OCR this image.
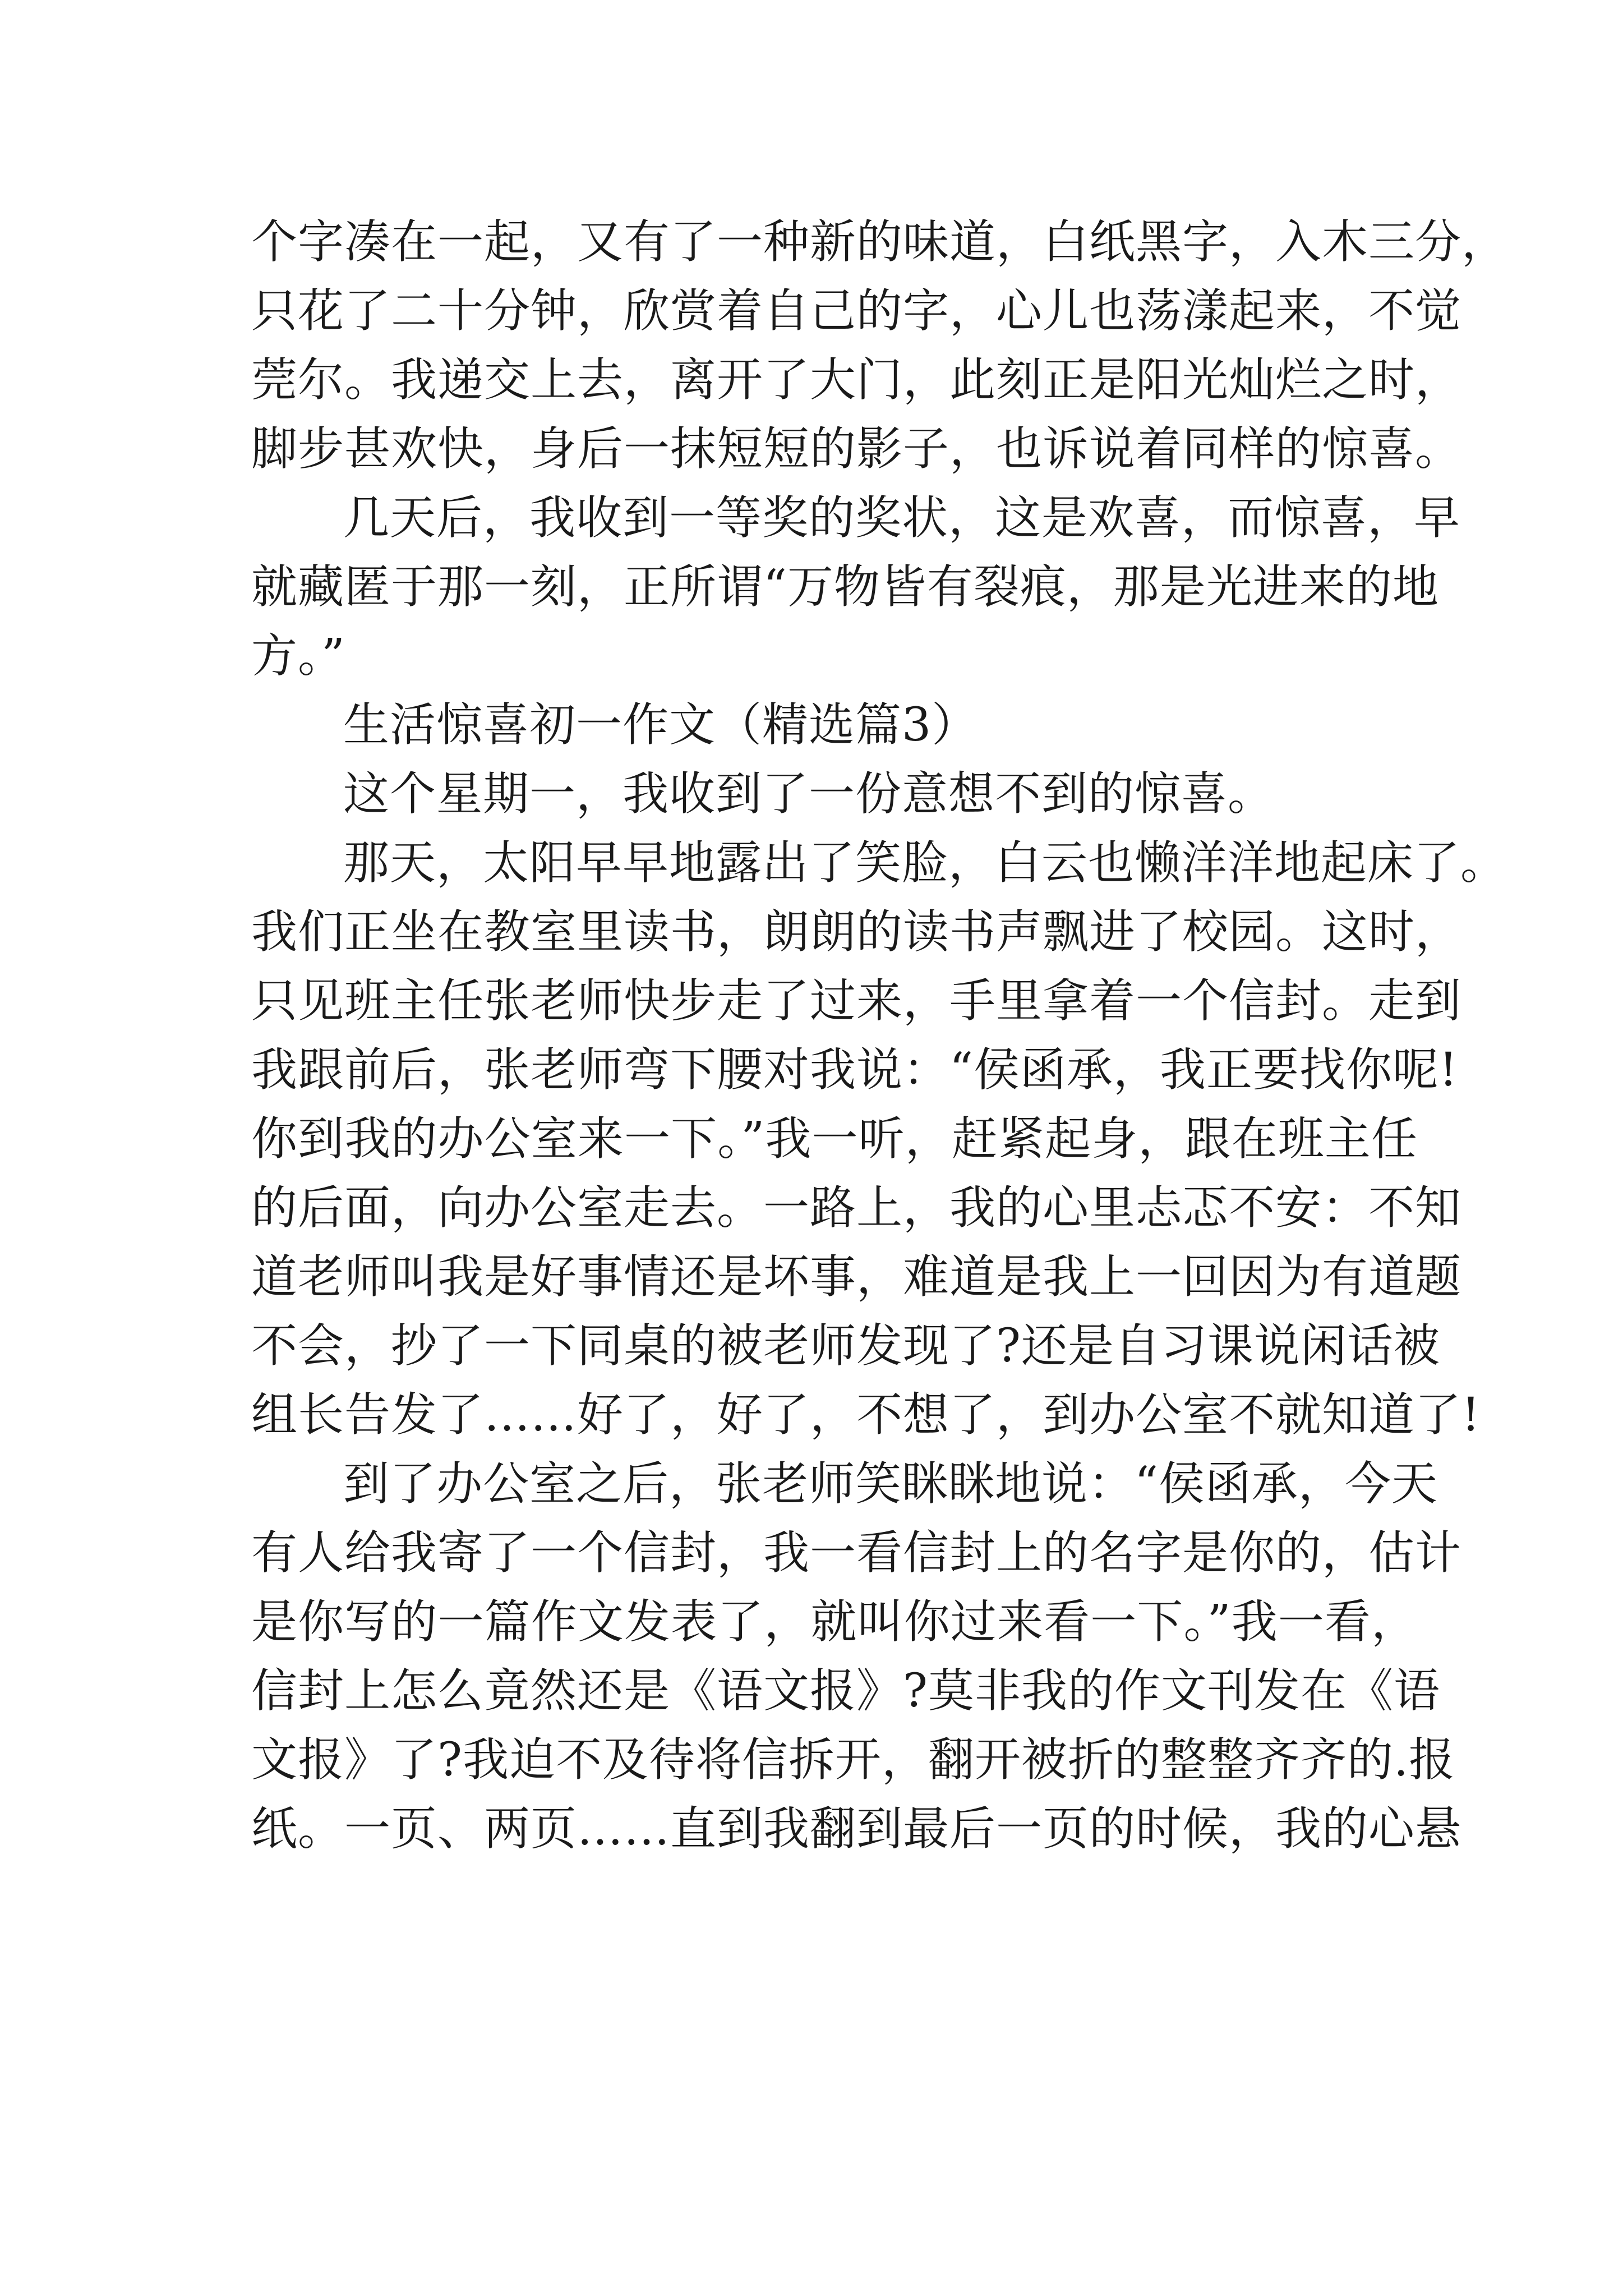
个字凑在一起，又有了一种新的味道，白纸黑字，入木三分，
只花了二十分钟，欣赏着自己的字，心儿也荡漾起来，不觉
莞尔。我递交上去，离开了大门，此刻正是阳光灿烂之时，
脚步甚欢快，身后一抹短短的影子，也诉说着同样的惊喜。
几天后，我收到一等奖的奖状，这是欢喜，而惊喜，早
就藏匿于那一刻，正所谓“万物皆有裂痕，那是光进来的地
方。”
生活惊喜初一作文（精选篇3）
这个星期一，我收到了一份意想不到的惊喜。
那天，太阳早早地露出了笑脸，白云也懒洋洋地起床了。
我们正坐在教室里读书，朗朗的读书声飘进了校园。这时，
只见班主任张老师快步走了过来，手里拿着一个信封。走到
我跟前后，张老师弯下腰对我说：“侯函承，我正要找你呢!
你到我的办公室来一下。”我一听，赶紧起身，跟在班主任
的后面，向办公室走去。一路上，我的心里忐忑不安：不知
道老师叫我是好事情还是坏事，难道是我上一回因为有道题
不会，抄了一下同桌的被老师发现了?还是自习课说闲话被
组长告发了……好了，好了，不想了，到办公室不就知道了!
到了办公室之后，张老师笑眯眯地说：“侯函承，今天
有人给我寄了一个信封，我一看信封上的名字是你的，估计
是你写的一篇作文发表了，就叫你过来看一下。”我一看，
信封上怎么竟然还是《语文报》?莫非我的作文刊发在《语
文报》了?我迫不及待将信拆开，翻开被折的整整齐齐的.报
纸。一页、两页……直到我翻到最后一页的时候，我的心悬
